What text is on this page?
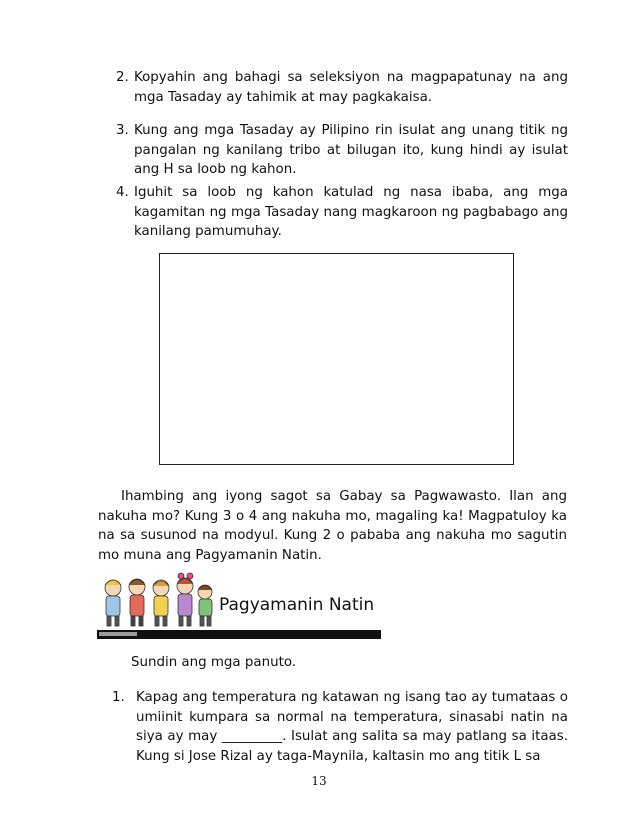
2. Kopyahin ang bahagi sa seleksiyon na magpapatunay na ang mga Tasaday ay tahimik at may pagkakaisa.
3. Kung ang mga Tasaday ay Pilipino rin isulat ang unang titik ng pangalan ng kanilang tribo at bilugan ito, kung hindi ay isulat ang H sa loob ng kahon.
4. Iguhit sa loob ng kahon katulad ng nasa ibaba, ang mga kagamitan ng mga Tasaday nang magkaroon ng pagbabago ang kanilang pamumuhay.
Ihambing ang iyong sagot sa Gabay sa Pagwawasto. Ilan ang nakuha mo? Kung 3 o 4 ang nakuha mo, magaling ka! Magpatuloy ka na sa susunod na modyul. Kung 2 o pababa ang nakuha mo sagutin mo muna ang Pagyamanin Natin.
Pagyamanin Natin
Sundin ang mga panuto.
1. Kapag ang temperatura ng katawan ng isang tao ay tumataas o umiinit kumpara sa normal na temperatura, sinasabi natin na siya ay may _________. Isulat ang salita sa may patlang sa itaas. Kung si Jose Rizal ay taga-Maynila, kaltasin mo ang titik L sa
13
